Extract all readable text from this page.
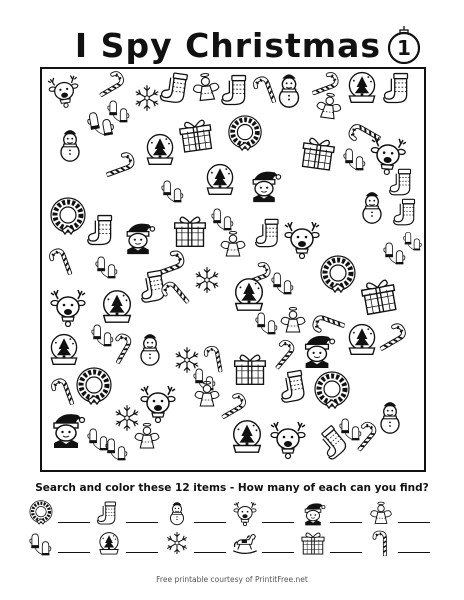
I Spy Christmas 1
Search and color these 12 items - How many of each can you find?
Free printable courtesy of PrintitFree.net
